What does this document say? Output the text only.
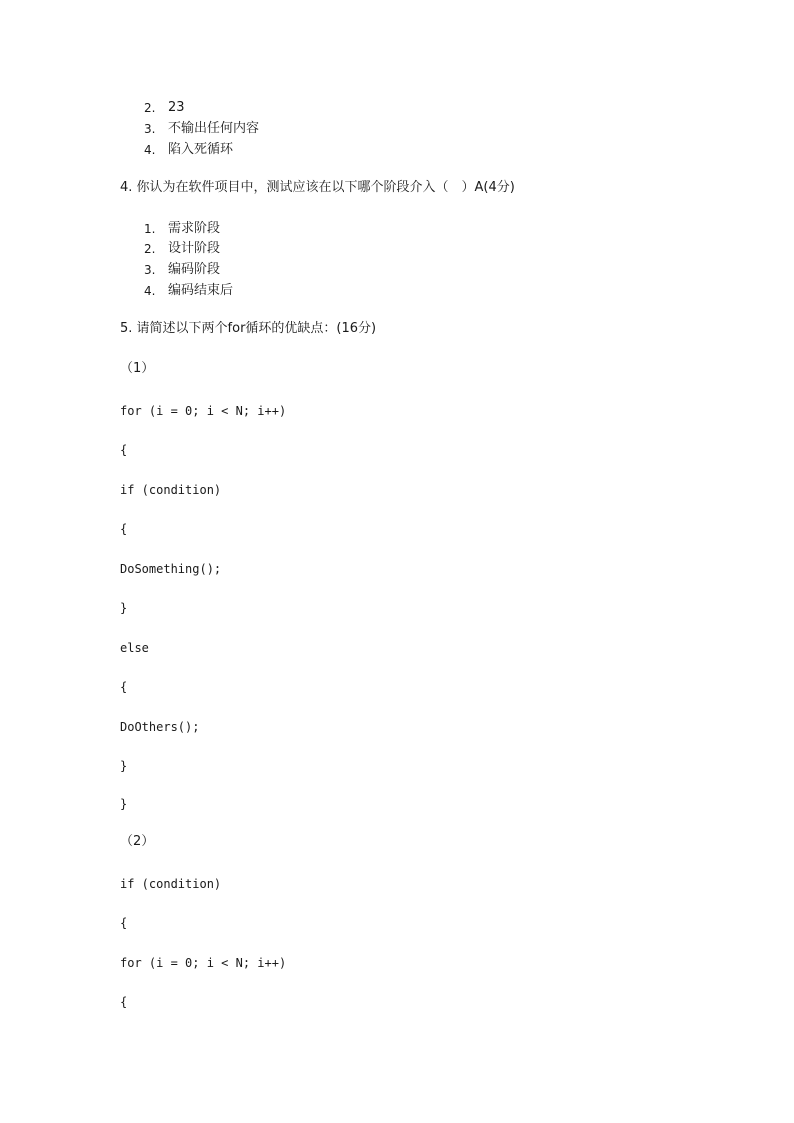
2. 23
3. 不输出任何内容
4. 陷入死循环
4. 你认为在软件项目中，测试应该在以下哪个阶段介入（　）A(4分)
1. 需求阶段
2. 设计阶段
3. 编码阶段
4. 编码结束后
5. 请简述以下两个for循环的优缺点：(16分)
（1）
for (i = 0; i < N; i++)
{
if (condition)
{
DoSomething();
}
else
{
DoOthers();
}
}
（2）
if (condition)
{
for (i = 0; i < N; i++)
{
